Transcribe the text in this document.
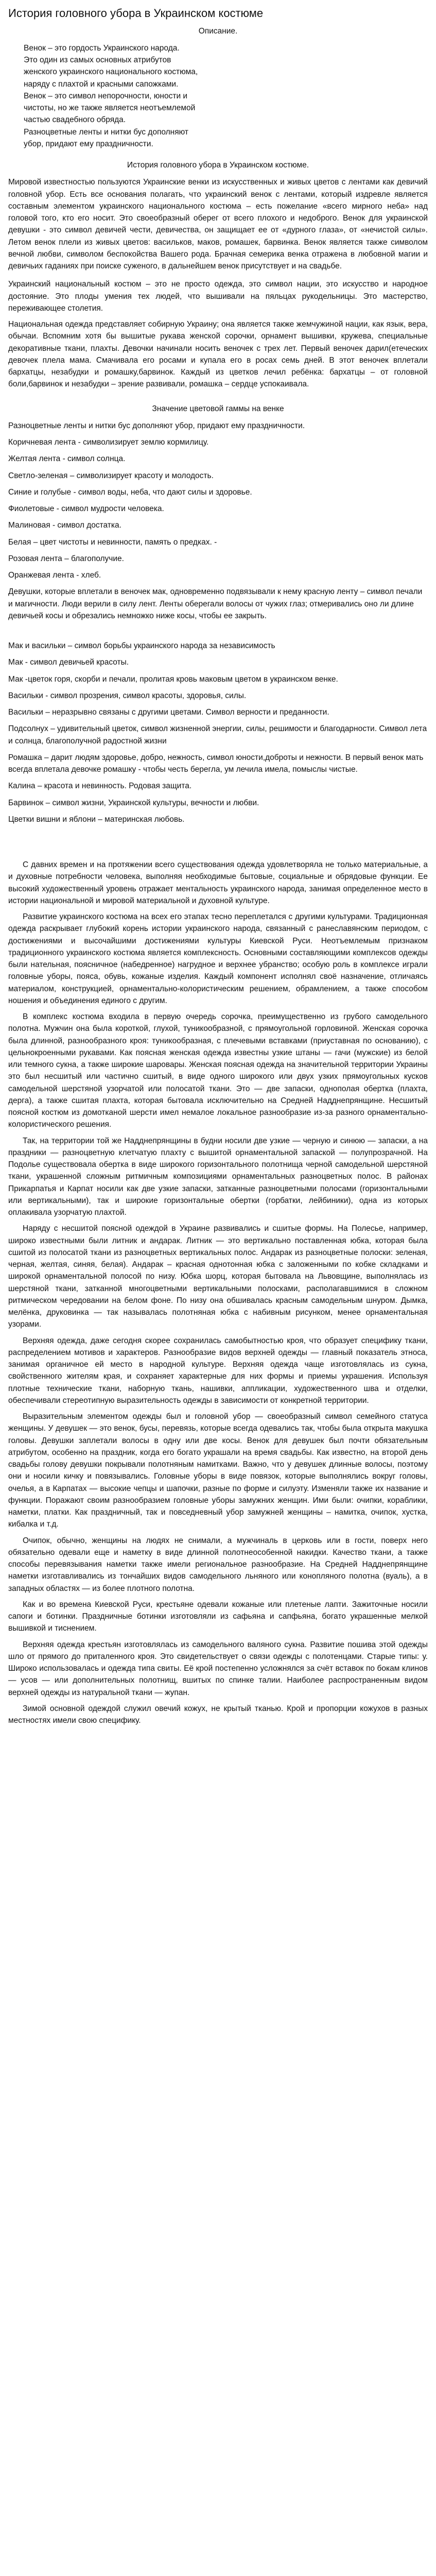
История головного убора в Украинском костюме
Описание.
Венок – это гордость Украинского народа.
Это один из самых основных атрибутов
женского украинского национального костюма,
наряду с плахтой и красными сапожками.
Венок – это символ непорочности, юности и
чистоты, но же также является неотъемлемой
частью свадебного обряда.
Разноцветные ленты и нитки бус дополняют
убор, придают ему праздничности.
История головного убора в Украинском костюме.

Мировой известностью пользуются Украинские венки из искусственных и живых цветов с лентами как девичий головной убор. Есть все основания полагать, что украинский венок с лентами, который издревле является составным элементом украинского национального костюма – есть пожелание «всего мирного неба» над головой того, кто его носит. Это своеобразный оберег от всего плохого и недоброго. Венок для украинской девушки - это символ девичей чести, девичества, он защищает ее от «дурного глаза», от «нечистой силы». Летом венок плели из живых цветов: васильков, маков, ромашек, барвинка. Венок является также символом вечной любви, символом беспокойства Вашего рода. Брачная семерика венка отражена в любовной магии и девичьих гаданиях при поиске суженого, в дальнейшем венок присутствует и на свадьбе.

Украинский национальный костюм – это не просто одежда, это символ нации, это искусство и народное достояние. Это плоды умения тех людей, что вышивали на пяльцах рукодельницы. Это мастерство, переживающее столетия.

Национальная одежда представляет собирную Украину; она является также жемчужиной нации, как язык, вера, обычаи. Вспомним хотя бы вышитые рукава женской сорочки, орнамент вышивки, кружева, специальные декоративные ткани, плахты. Девочки начинали носить веночек с трех лет. Первый веночек дарил(етеческих девочек плела мама. Смачивала его росами и купала его в росах семь дней. В этот веночек вплетали бархатцы, незабудки и ромашку,барвинок. Каждый из цветков лечил ребёнка: бархатцы – от головной боли,барвинок и незабудки – зрение развивали, ромашка – сердце успокаивала.

Значение цветовой гаммы на венке

Разноцветные ленты и нитки бус дополняют убор, придают ему праздничности.

Коричневая лента - символизирует землю кормилицу.

Желтая лента - символ солнца.

Светло-зеленая – символизирует красоту и молодость.

Синие и голубые - символ воды, неба, что дают силы и здоровье.

Фиолетовые - символ мудрости человека.

Малиновая - символ достатка.

Белая – цвет чистоты и невинности, память о предках. -

Розовая лента – благополучие.

Оранжевая лента - хлеб.

Девушки, которые вплетали в веночек мак, одновременно подвязывали к нему красную ленту – символ печали и магичности. Люди верили в силу лент. Ленты оберегали волосы от чужих глаз; отмеривались оно ли длине девичьей косы и обрезались немножко ниже косы, чтобы ее закрыть.

Мак и васильки – символ борьбы украинского народа за независимость

Мак - символ девичьей красоты.

Мак -цветок горя, скорби и печали, пролитая кровь маковым цветом в украинском венке.

Васильки - символ прозрения, символ красоты, здоровья, силы.

Васильки – неразрывно связаны с другими цветами. Символ верности и преданности.

Подсолнух – удивительный цветок, символ жизненной энергии, силы, решимости и благодарности. Символ лета и солнца, благополучной радостной жизни

Ромашка – дарит людям здоровье, добро, нежность, символ юности,доброты и нежности. В первый венок мать всегда вплетала девочке ромашку - чтобы честь берегла, ум лечила имела, помыслы чистые.

Калина – красота и невинность. Родовая защита.

Барвинок – символ жизни, Украинской культуры, вечности и любви.

Цветки вишни и яблони – материнская любовь.

С давних времен и на протяжении всего существования одежда удовлетворяла не только материальные, а и духовные потребности человека, выполняя необходимые бытовые, социальные и обрядовые функции. Ее высокий художественный уровень отражает ментальность украинского народа, занимая определенное место в истории национальной и мировой материальной и духовной культуре.

Развитие украинского костюма на всех его этапах тесно переплетался с другими культурами. Традиционная одежда раскрывает глубокий корень истории украинского народа, связанный с ранеславянским периодом, с достижениями и высочайшими достижениями культуры Киевской Руси. Неотъемлемым признаком традиционного украинского костюма является комплексность. Основными составляющими комплексов одежды были нательная, поясничное (набедренное) нагрудное и верхнее убранство; особую роль в комплексе играли головные уборы, пояса, обувь, кожаные изделия. Каждый компонент исполнял своё назначение, отличаясь материалом, конструкцией, орнаментально-колористическим решением, обрамлением, а также способом ношения и объединения единого с другим.

В комплекс костюма входила в первую очередь сорочка, преимущественно из грубого самодельного полотна. Мужчин она была короткой, глухой, туникообразной, с прямоугольной горловиной. Женская сорочка была длинной, разнообразного кроя: туникообразная, с плечевыми вставками (приуставная по основанию), с цельнокроенными рукавами. Как поясная женская одежда известны узкие штаны — гачи (мужские) из белой или темного сукна, а также широкие шаровары. Женская поясная одежда на значительной территории Украины это был несшитый или частично сшитый, в виде одного широкого или двух узких прямоугольных кусков самодельной шерстяной узорчатой или полосатой ткани. Это — две запаски, однополая обертка (плахта, дерга), а также сшитая плахта, которая бытовала исключительно на Средней Надднепрянщине. Несшитый поясной костюм из домотканой шерсти имел немалое локальное разнообразие из-за разного орнаментально-колористического решения.

Так, на территории той же Надднепрянщины в будни носили две узкие — черную и синюю — запаски, а на праздники — разноцветную клетчатую плахту с вышитой орнаментальной запаской — полупрозрачной. На Подолье существовала обертка в виде широкого горизонтального полотнища черной самодельной шерстяной ткани, украшенной сложным ритмичным композициями орнаментальных разноцветных полос. В районах Прикарпатья и Карпат носили как две узкие запаски, затканные разноцветными полосами (горизонтальными или вертикальными), так и широкие горизонтальные обертки (горбатки, лейбиники), одна из которых оплакивала узорчатую плахтой.

Наряду с несшитой поясной одеждой в Украине развивались и сшитые формы. На Полесье, например, широко известными были литник и андарак. Литник — это вертикально поставленная юбка, которая была сшитой из полосатой ткани из разноцветных вертикальных полос. Андарак из разноцветные полоски: зеленая, черная, желтая, синяя, белая). Андарак – красная однотонная юбка с заложенными по кобке складками и широкой орнаментальной полосой по низу. Юбка шорц, которая бытовала на Львовщине, выполнялась из шерстяной ткани, затканной многоцветными вертикальными полосками, располагавшимися в сложном ритмическом чередовании на белом фоне. По низу она обшивалась красным самодельным шнуром. Дымка, мелёнка, друковинка — так называлась полотняная юбка с набивным рисунком, менее орнаментальная узорами.

Верхняя одежда, даже сегодня скорее сохранилась самобытностью кроя, что образует специфику ткани, распределением мотивов и характеров. Разнообразие видов верхней одежды — главный показатель этноса, занимая органичное ей место в народной культуре. Верхняя одежда чаще изготовлялась из сукна, свойственного жителям края, и сохраняет характерные для них формы и приемы украшения. Используя плотные технические ткани, наборную ткань, нашивки, аппликации, художественного шва и отделки, обеспечивали стереотипную выразительность одежды в зависимости от конкретной территории.

Выразительным элементом одежды был и головной убор — своеобразный символ семейного статуса женщины. У девушек — это венок, бусы, перевязь, которые всегда одевались так, чтобы была открыта макушка головы. Девушки заплетали волосы в одну или две косы. Венок для девушек был почти обязательным атрибутом, особенно на праздник, когда его богато украшали на время свадьбы. Как известно, на второй день свадьбы голову девушки покрывали полотняным намитками. Важно, что у девушек длинные волосы, поэтому они и носили кичку и повязывались. Головные уборы в виде повязок, которые выполнялись вокруг головы, очелья, а в Карпатах — высокие чепцы и шапочки, разные по форме и силуэту. Изменяли также их название и функции. Поражают своим разнообразием головные уборы замужних женщин. Ими были: очипки, кораблики, наметки, платки. Как праздничный, так и повседневный убор замужней женщины – намитка, очипок, хустка, кибалка и т.д.

Очипок, обычно, женщины на людях не снимали, а мужчиналь в церковь или в гости, поверх него обязательно одевали еще и наметку в виде длинной полотнеособенной накидки. Качество ткани, а также способы перевязывания наметки также имели региональное разнообразие. На Средней Надднепрянщине наметки изготавливались из тончайших видов самодельного льняного или конопляного полотна (вуаль), а в западных областях — из более плотного полотна.

Как и во времена Киевской Руси, крестьяне одевали кожаные или плетеные лапти. Зажиточные носили сапоги и ботинки. Праздничные ботинки изготовляли из сафьяна и сапфьяна, богато украшенные мелкой вышивкой и тиснением.

Верхняя одежда крестьян изготовлялась из самодельного валяного сукна. Развитие пошива этой одежды шло от прямого до приталенного кроя. Это свидетельствует о связи одежды с полотенцами. Старые типы: у. Широко использовалась и одежда типа свиты. Её крой постепенно усложнялся за счёт вставок по бокам клинов — усов — или дополнительных полотнищ, вшитых по спинке талии. Наиболее распространенным видом верхней одежды из натуральной ткани — жупан.

Зимой основной одеждой служил овечий кожух, не крытый тканью. Крой и пропорции кожухов в разных местностях имели свою специфику.
